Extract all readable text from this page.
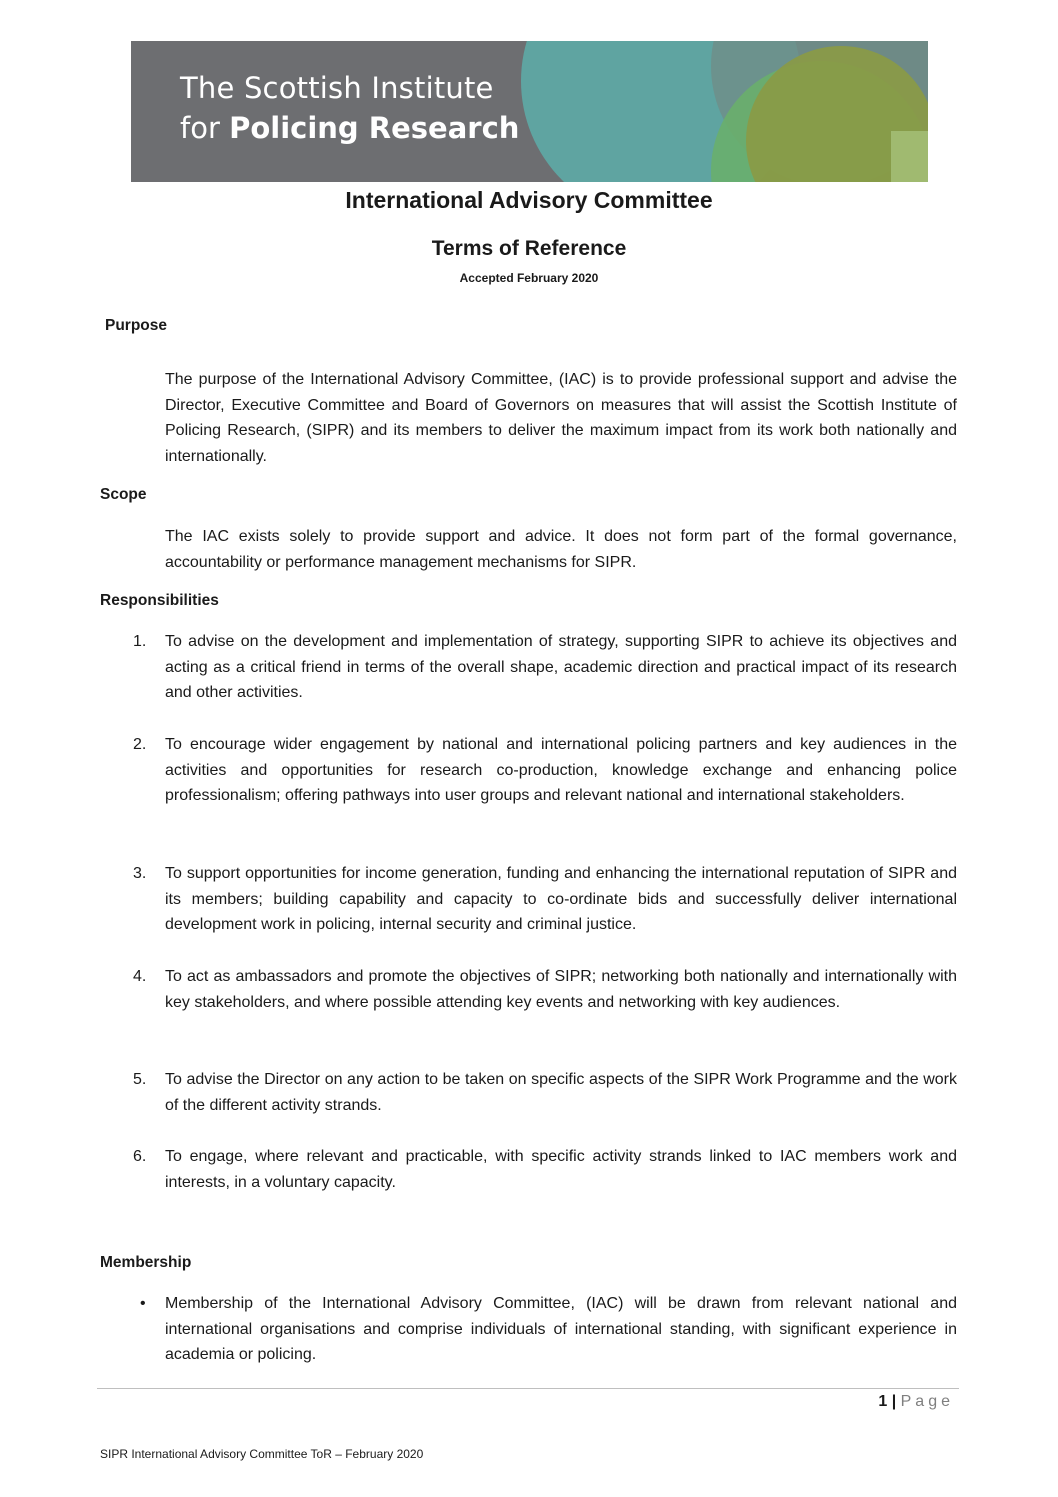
The Scottish Institute
for Policing Research
International Advisory Committee
Terms of Reference
Accepted February 2020
Purpose
The purpose of the International Advisory Committee, (IAC) is to provide professional support and advise the Director, Executive Committee and Board of Governors on measures that will assist the Scottish Institute of Policing Research, (SIPR) and its members to deliver the maximum impact from its work both nationally and internationally.
Scope
The IAC exists solely to provide support and advice. It does not form part of the formal governance, accountability or performance management mechanisms for SIPR.
Responsibilities
1. To advise on the development and implementation of strategy, supporting SIPR to achieve its objectives and acting as a critical friend in terms of the overall shape, academic direction and practical impact of its research and other activities.
2. To encourage wider engagement by national and international policing partners and key audiences in the activities and opportunities for research co-production, knowledge exchange and enhancing police professionalism; offering pathways into user groups and relevant national and international stakeholders.
3. To support opportunities for income generation, funding and enhancing the international reputation of SIPR and its members; building capability and capacity to co-ordinate bids and successfully deliver international development work in policing, internal security and criminal justice.
4. To act as ambassadors and promote the objectives of SIPR; networking both nationally and internationally with key stakeholders, and where possible attending key events and networking with key audiences.
5. To advise the Director on any action to be taken on specific aspects of the SIPR Work Programme and the work of the different activity strands.
6. To engage, where relevant and practicable, with specific activity strands linked to IAC members work and interests, in a voluntary capacity.
Membership
• Membership of the International Advisory Committee, (IAC) will be drawn from relevant national and international organisations and comprise individuals of international standing, with significant experience in academia or policing.
1 | Page
SIPR International Advisory Committee ToR – February 2020
